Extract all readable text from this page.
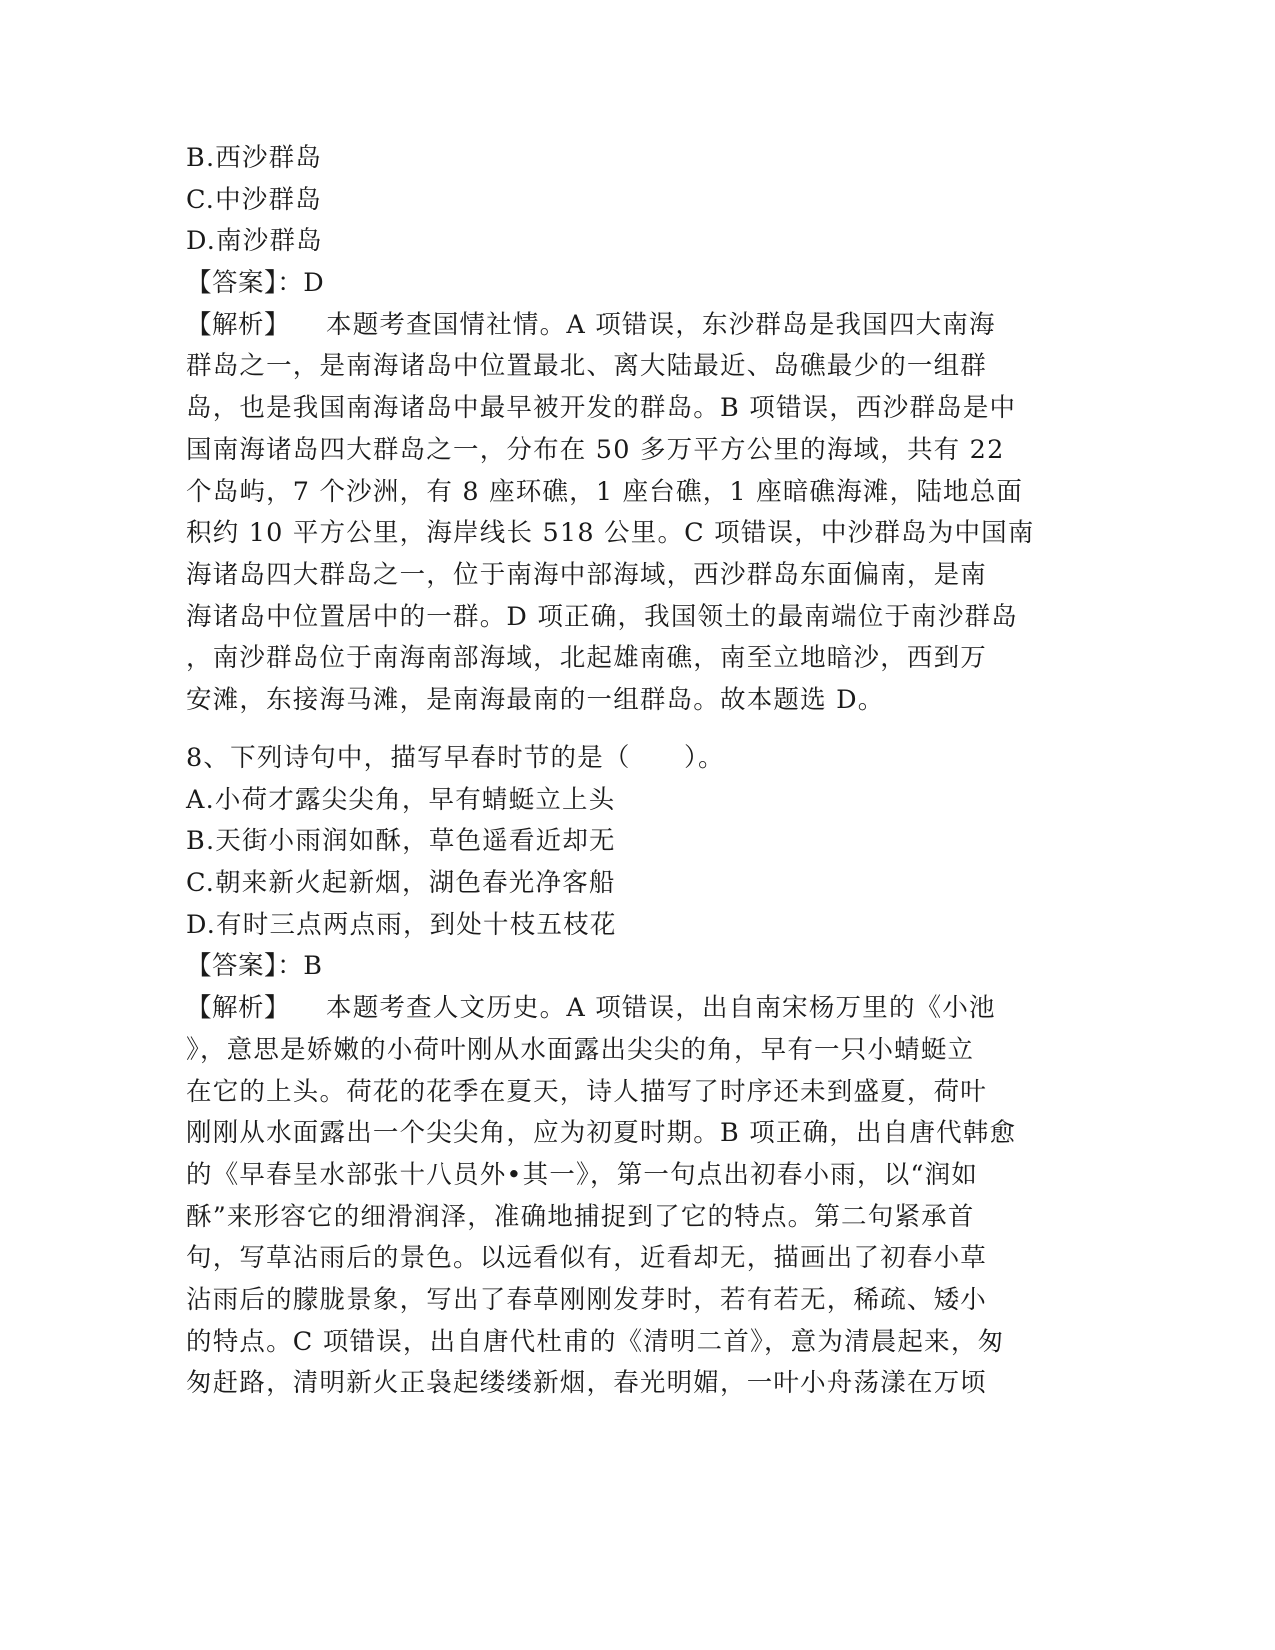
B.西沙群岛
C.中沙群岛
D.南沙群岛
【答案】：D
【解析】 本题考查国情社情。A 项错误，东沙群岛是我国四大南海
群岛之一，是南海诸岛中位置最北、离大陆最近、岛礁最少的一组群
岛，也是我国南海诸岛中最早被开发的群岛。B 项错误，西沙群岛是中
国南海诸岛四大群岛之一，分布在 50 多万平方公里的海域，共有 22
个岛屿，7 个沙洲，有 8 座环礁，1 座台礁，1 座暗礁海滩，陆地总面
积约 10 平方公里，海岸线长 518 公里。C 项错误，中沙群岛为中国南
海诸岛四大群岛之一，位于南海中部海域，西沙群岛东面偏南，是南
海诸岛中位置居中的一群。D 项正确，我国领土的最南端位于南沙群岛
，南沙群岛位于南海南部海域，北起雄南礁，南至立地暗沙，西到万
安滩，东接海马滩，是南海最南的一组群岛。故本题选 D。
8、下列诗句中，描写早春时节的是（　　）。
A.小荷才露尖尖角，早有蜻蜓立上头
B.天街小雨润如酥，草色遥看近却无
C.朝来新火起新烟，湖色春光净客船
D.有时三点两点雨，到处十枝五枝花
【答案】：B
【解析】 本题考查人文历史。A 项错误，出自南宋杨万里的《小池
》，意思是娇嫩的小荷叶刚从水面露出尖尖的角，早有一只小蜻蜓立
在它的上头。荷花的花季在夏天，诗人描写了时序还未到盛夏，荷叶
刚刚从水面露出一个尖尖角，应为初夏时期。B 项正确，出自唐代韩愈
的《早春呈水部张十八员外•其一》，第一句点出初春小雨，以“润如
酥”来形容它的细滑润泽，准确地捕捉到了它的特点。第二句紧承首
句，写草沾雨后的景色。以远看似有，近看却无，描画出了初春小草
沾雨后的朦胧景象，写出了春草刚刚发芽时，若有若无，稀疏、矮小
的特点。C 项错误，出自唐代杜甫的《清明二首》，意为清晨起来，匆
匆赶路，清明新火正袅起缕缕新烟，春光明媚，一叶小舟荡漾在万顷
